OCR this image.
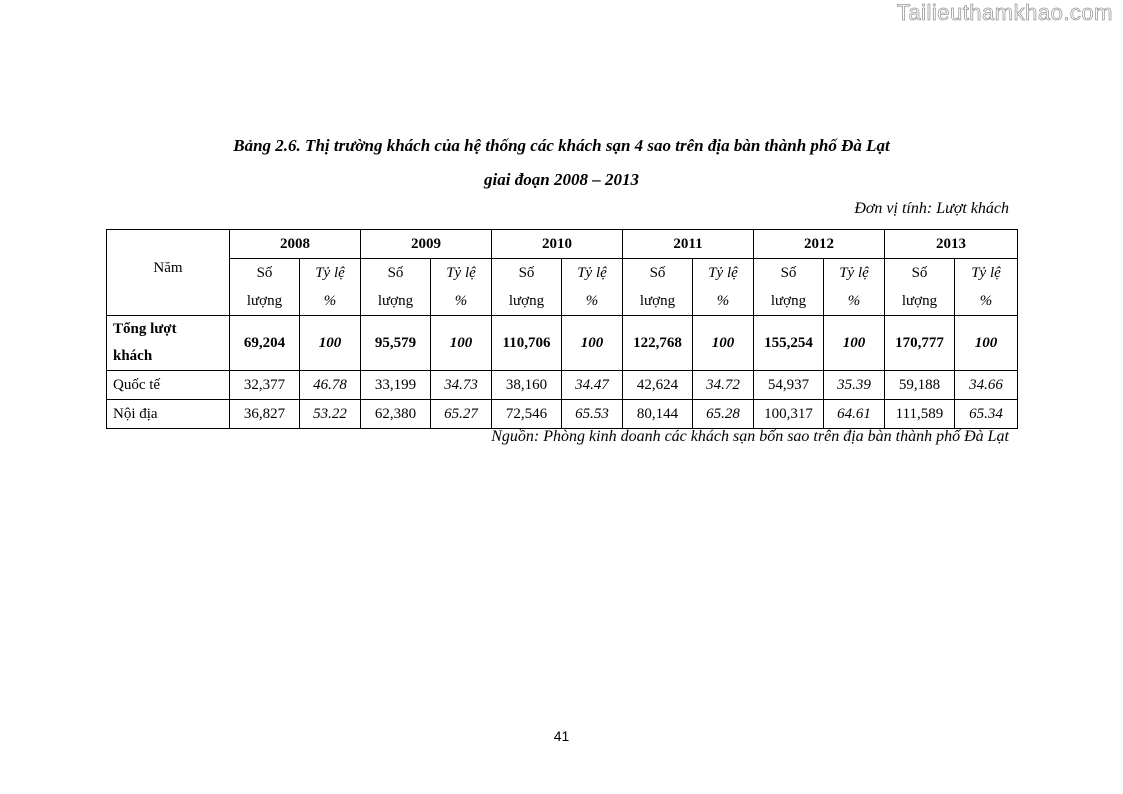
Tailieuthamkhao.com
Bảng 2.6. Thị trường khách của hệ thống các khách sạn 4 sao trên địa bàn thành phố Đà Lạt
giai đoạn 2008 – 2013
Đơn vị tính: Lượt khách
Năm	2008		2009		2010		2011		2012		2013	
	Số	Tỷ lệ	Số	Tỷ lệ	Số	Tỷ lệ	Số	Tỷ lệ	Số	Tỷ lệ	Số	Tỷ lệ
	lượng	%	lượng	%	lượng	%	lượng	%	lượng	%	lượng	%

Tổng lượt
khách	69,204	100	95,579	100	110,706	100	122,768	100	155,254	100	170,777	100
Quốc tế	32,377	46.78	33,199	34.73	38,160	34.47	42,624	34.72	54,937	35.39	59,188	34.66
Nội địa	36,827	53.22	62,380	65.27	72,546	65.53	80,144	65.28	100,317	64.61	111,589	65.34
Nguồn: Phòng kinh doanh các khách sạn bốn sao trên địa bàn thành phố Đà Lạt
41
